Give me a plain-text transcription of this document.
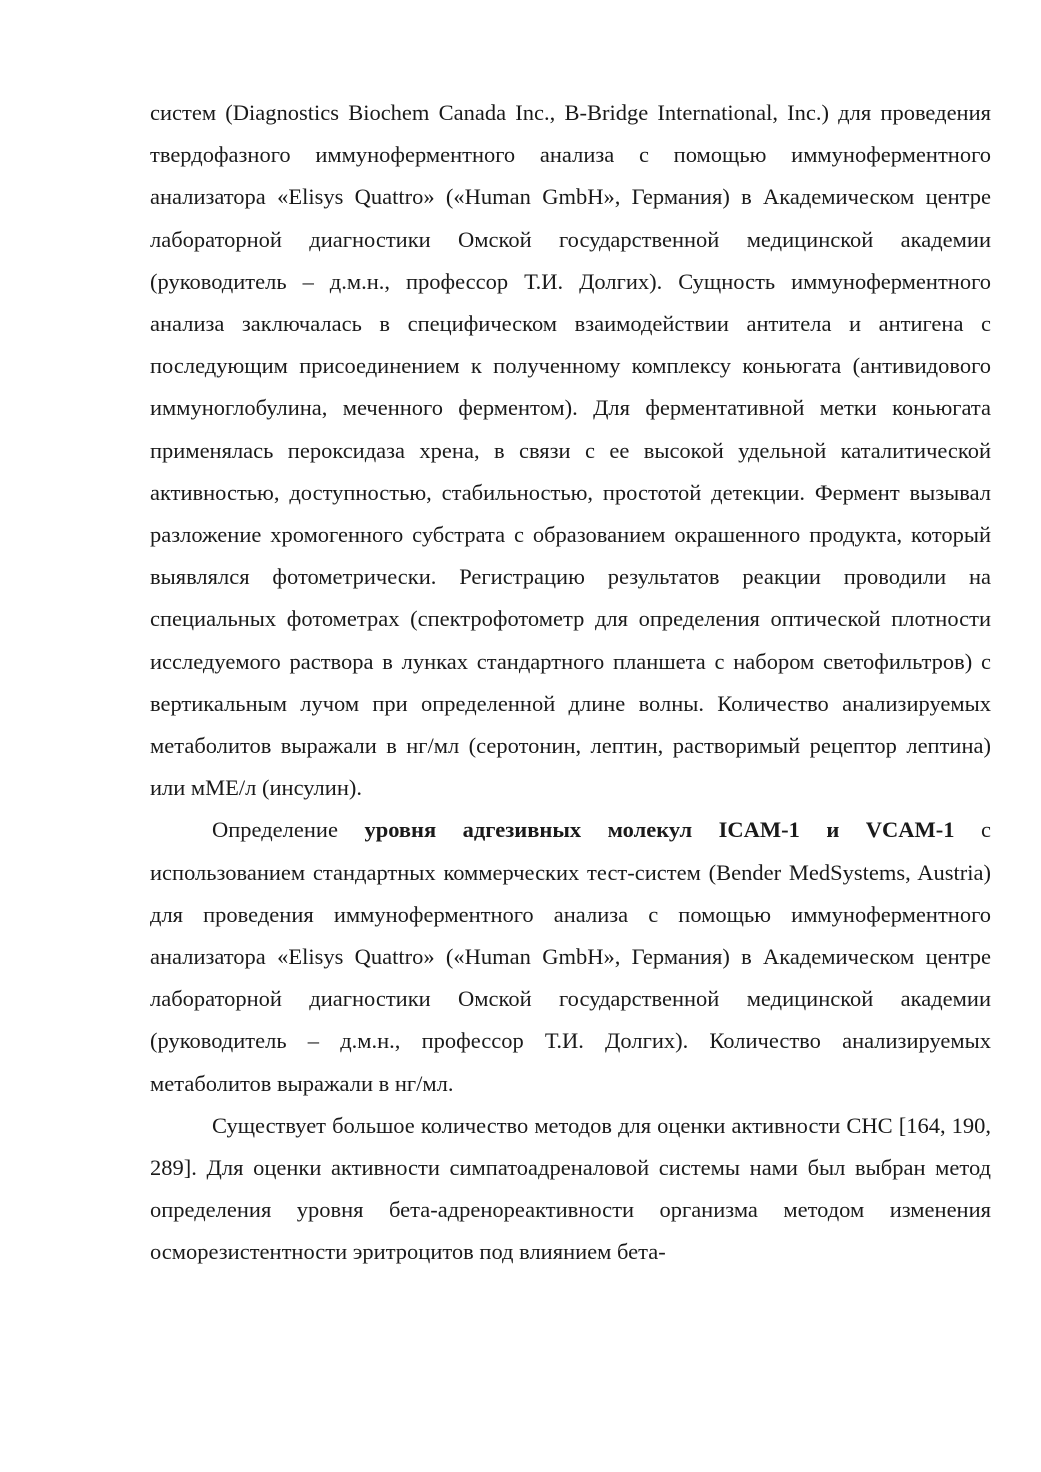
систем (Diagnostics Biochem Canada Inc., B-Bridge International, Inc.) для проведения твердофазного иммуноферментного анализа с помощью иммуноферментного анализатора «Elisys Quattro» («Human GmbH», Германия) в Академическом центре лабораторной диагностики Омской государственной медицинской академии (руководитель – д.м.н., профессор Т.И. Долгих). Сущность иммуноферментного анализа заключалась в специфическом взаимодействии антитела и антигена с последующим присоединением к полученному комплексу коньюгата (антивидового иммуноглобулина, меченного ферментом). Для ферментативной метки коньюгата применялась пероксидаза хрена, в связи с ее высокой удельной каталитической активностью, доступностью, стабильностью, простотой детекции. Фермент вызывал разложение хромогенного субстрата с образованием окрашенного продукта, который выявлялся фотометрически. Регистрацию результатов реакции проводили на специальных фотометрах (спектрофотометр для определения оптической плотности исследуемого раствора в лунках стандартного планшета с набором светофильтров) с вертикальным лучом при определенной длине волны. Количество анализируемых метаболитов выражали в нг/мл (серотонин, лептин, растворимый рецептор лептина) или мМЕ/л (инсулин).

Определение уровня адгезивных молекул ICAM-1 и VCAM-1 с использованием стандартных коммерческих тест-систем (Bender MedSystems, Austria) для проведения иммуноферментного анализа с помощью иммуноферментного анализатора «Elisys Quattro» («Human GmbH», Германия) в Академическом центре лабораторной диагностики Омской государственной медицинской академии (руководитель – д.м.н., профессор Т.И. Долгих). Количество анализируемых метаболитов выражали в нг/мл.

Существует большое количество методов для оценки активности СНС [164, 190, 289]. Для оценки активности симпатоадреналовой системы нами был выбран метод определения уровня бета-адренореактивности организма методом изменения осморезистентности эритроцитов под влиянием бета-
